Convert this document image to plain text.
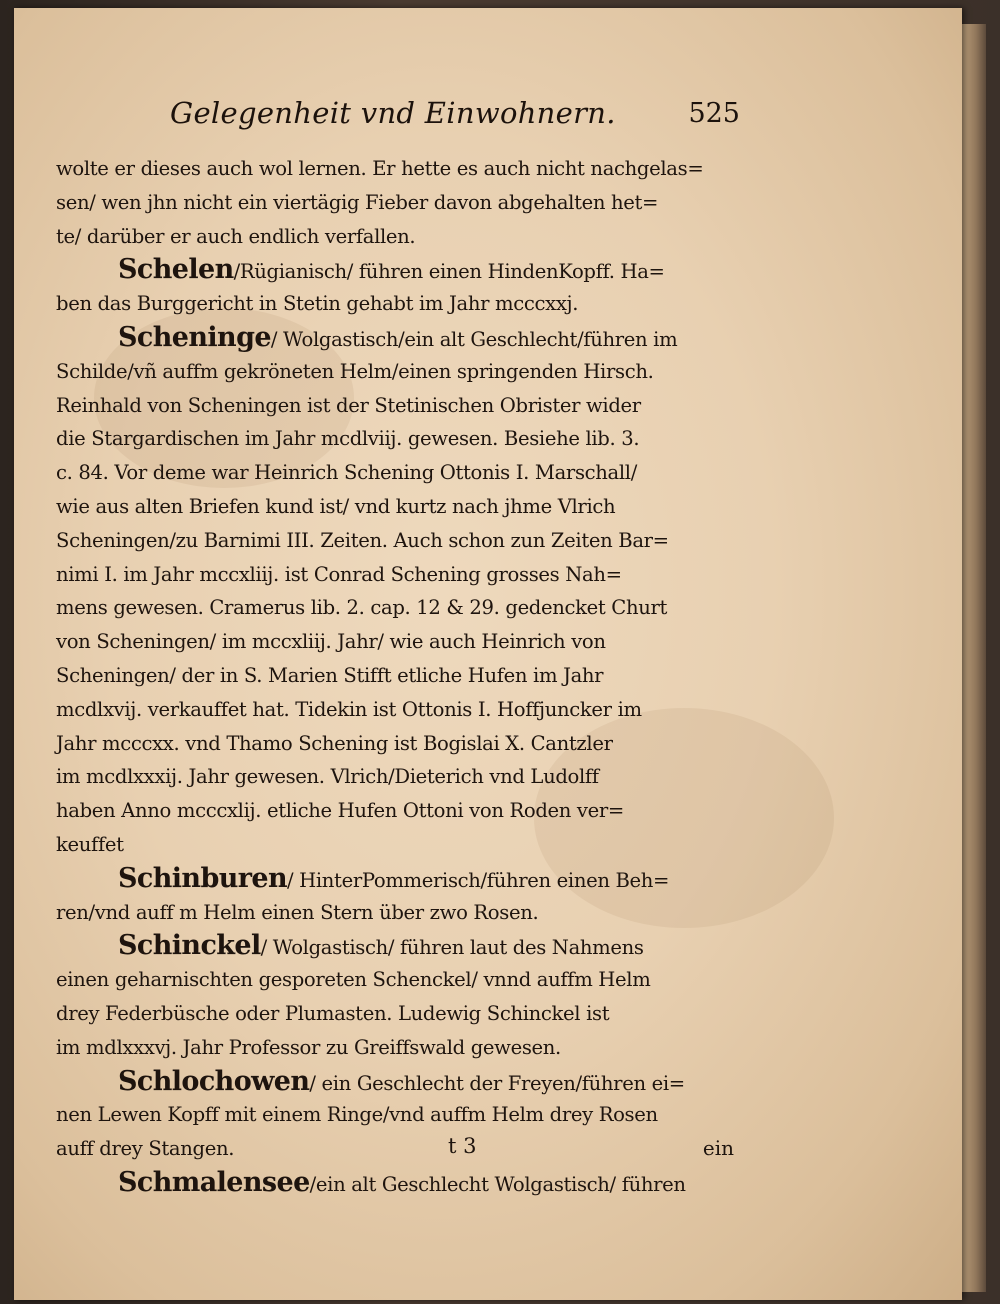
Gelegenheit vnd Einwohnern.	525
wolte er dieses auch wol lernen. Er hette es auch nicht nachgelas=
sen/ wen jhn nicht ein viertägig Fieber davon abgehalten het=
te/ darüber er auch endlich verfallen.
Schelen/Rügianisch/ führen einen HindenKopff. Ha=
ben das Burggericht in Stetin gehabt im Jahr mcccxxj.
Scheninge/ Wolgastisch/ein alt Geschlecht/führen im
Schilde/vñ auffm gekröneten Helm/einen springenden Hirsch.
Reinhald von Scheningen ist der Stetinischen Obrister wider
die Stargardischen im Jahr mcdlviij. gewesen. Besiehe lib. 3.
c. 84. Vor deme war Heinrich Schening Ottonis I. Marschall/
wie aus alten Briefen kund ist/ vnd kurtz nach jhme Vlrich
Scheningen/zu Barnimi III. Zeiten. Auch schon zun Zeiten Bar=
nimi I. im Jahr mccxliij. ist Conrad Schening grosses Nah=
mens gewesen. Cramerus lib. 2. cap. 12 & 29. gedencket Churt
von Scheningen/ im mccxliij. Jahr/ wie auch Heinrich von
Scheningen/ der in S. Marien Stifft etliche Hufen im Jahr
mcdlxvij. verkauffet hat. Tidekin ist Ottonis I. Hoffjuncker im
Jahr mcccxx. vnd Thamo Schening ist Bogislai X. Cantzler
im mcdlxxxij. Jahr gewesen. Vlrich/Dieterich vnd Ludolff
haben Anno mcccxlij. etliche Hufen Ottoni von Roden ver=
keuffet
Schinburen/ HinterPommerisch/führen einen Beh=
ren/vnd auff m Helm einen Stern über zwo Rosen.
Schinckel/ Wolgastisch/ führen laut des Nahmens
einen geharnischten gesporeten Schenckel/ vnnd auffm Helm
drey Federbüsche oder Plumasten. Ludewig Schinckel ist
im mdlxxxvj. Jahr Professor zu Greiffswald gewesen.
Schlochowen/ ein Geschlecht der Freyen/führen ei=
nen Lewen Kopff mit einem Ringe/vnd auffm Helm drey Rosen
auff drey Stangen.
Schmalensee/ein alt Geschlecht Wolgastisch/ führen
t 3	ein
